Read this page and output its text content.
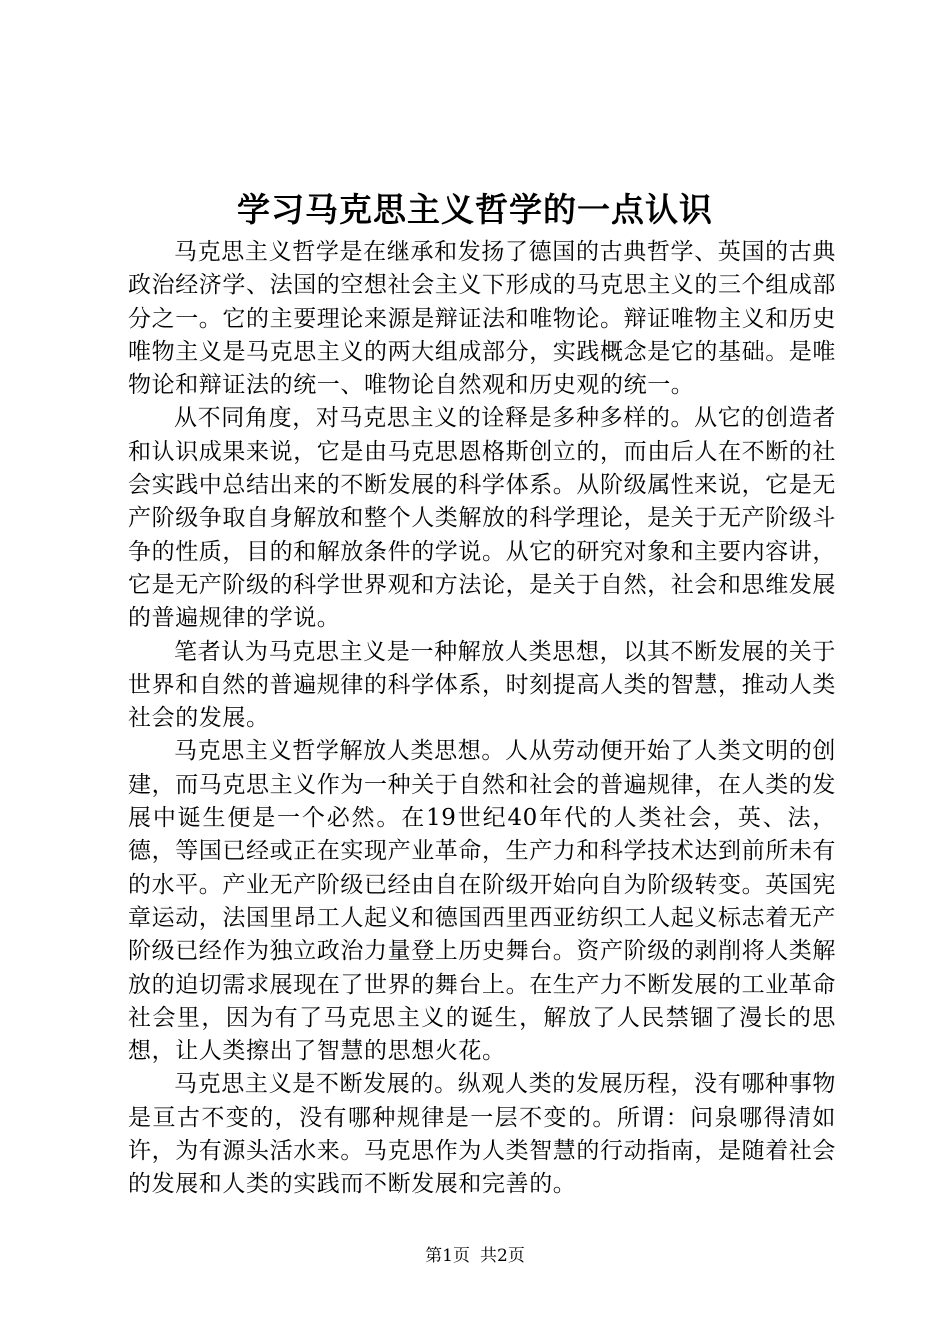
学习马克思主义哲学的一点认识

马克思主义哲学是在继承和发扬了德国的古典哲学、英国的古典政治经济学、法国的空想社会主义下形成的马克思主义的三个组成部分之一。它的主要理论来源是辩证法和唯物论。辩证唯物主义和历史唯物主义是马克思主义的两大组成部分，实践概念是它的基础。是唯物论和辩证法的统一、唯物论自然观和历史观的统一。

从不同角度，对马克思主义的诠释是多种多样的。从它的创造者和认识成果来说，它是由马克思恩格斯创立的，而由后人在不断的社会实践中总结出来的不断发展的科学体系。从阶级属性来说，它是无产阶级争取自身解放和整个人类解放的科学理论，是关于无产阶级斗争的性质，目的和解放条件的学说。从它的研究对象和主要内容讲，它是无产阶级的科学世界观和方法论，是关于自然，社会和思维发展的普遍规律的学说。

笔者认为马克思主义是一种解放人类思想，以其不断发展的关于世界和自然的普遍规律的科学体系，时刻提高人类的智慧，推动人类社会的发展。

马克思主义哲学解放人类思想。人从劳动便开始了人类文明的创建，而马克思主义作为一种关于自然和社会的普遍规律，在人类的发展中诞生便是一个必然。在19世纪40年代的人类社会，英、法，德，等国已经或正在实现产业革命，生产力和科学技术达到前所未有的水平。产业无产阶级已经由自在阶级开始向自为阶级转变。英国宪章运动，法国里昂工人起义和德国西里西亚纺织工人起义标志着无产阶级已经作为独立政治力量登上历史舞台。资产阶级的剥削将人类解放的迫切需求展现在了世界的舞台上。在生产力不断发展的工业革命社会里，因为有了马克思主义的诞生，解放了人民禁锢了漫长的思想，让人类擦出了智慧的思想火花。

马克思主义是不断发展的。纵观人类的发展历程，没有哪种事物是亘古不变的，没有哪种规律是一层不变的。所谓：问泉哪得清如许，为有源头活水来。马克思作为人类智慧的行动指南，是随着社会的发展和人类的实践而不断发展和完善的。

第1页 共2页
